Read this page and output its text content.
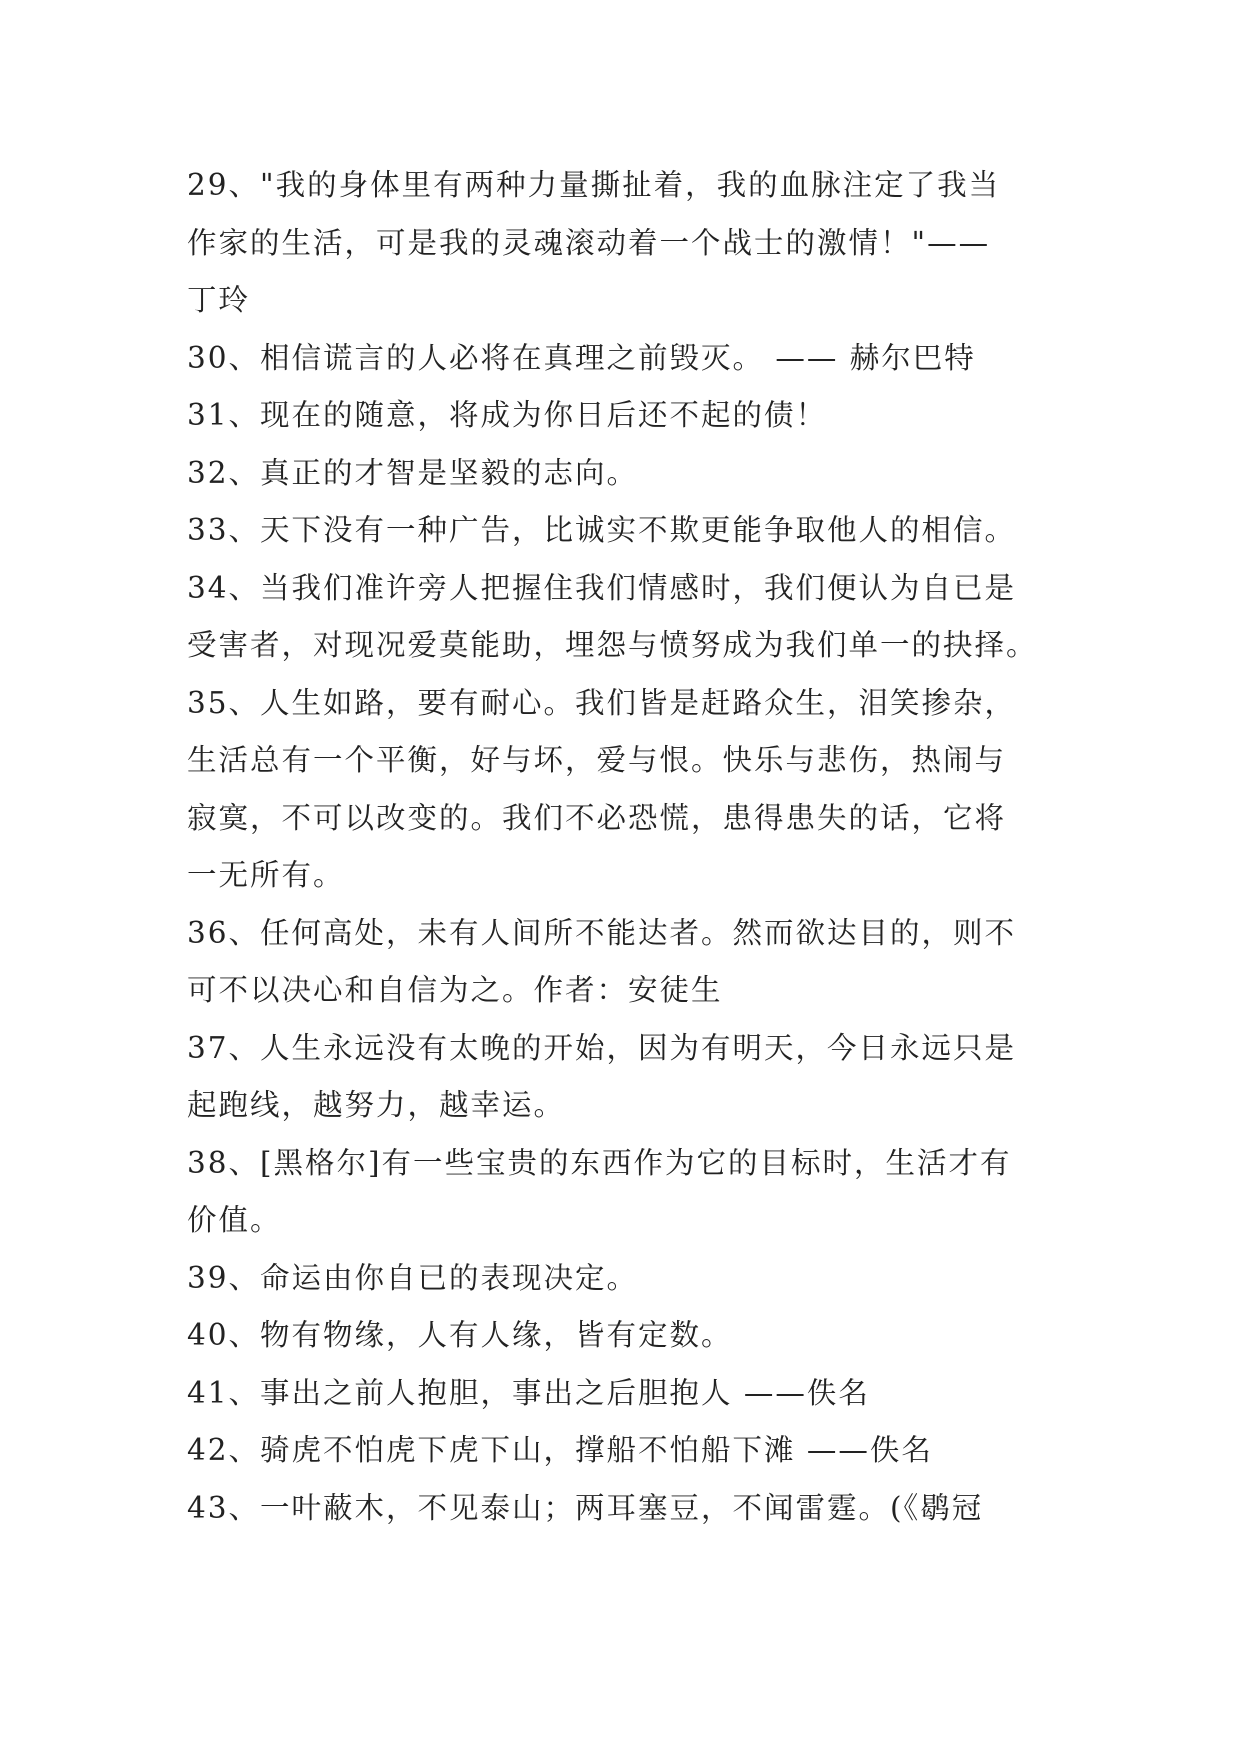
29、"我的身体里有两种力量撕扯着，我的血脉注定了我当
作家的生活，可是我的灵魂滚动着一个战士的激情！"——
丁玲
30、相信谎言的人必将在真理之前毁灭。 —— 赫尔巴特
31、现在的随意，将成为你日后还不起的债！
32、真正的才智是坚毅的志向。
33、天下没有一种广告，比诚实不欺更能争取他人的相信。
34、当我们准许旁人把握住我们情感时，我们便认为自已是
受害者，对现况爱莫能助，埋怨与愤努成为我们单一的抉择。
35、人生如路，要有耐心。我们皆是赶路众生，泪笑掺杂，
生活总有一个平衡，好与坏，爱与恨。快乐与悲伤，热闹与
寂寞，不可以改变的。我们不必恐慌，患得患失的话，它将
一无所有。
36、任何高处，未有人间所不能达者。然而欲达目的，则不
可不以决心和自信为之。作者：安徒生
37、人生永远没有太晚的开始，因为有明天，今日永远只是
起跑线，越努力，越幸运。
38、[黑格尔]有一些宝贵的东西作为它的目标时，生活才有
价值。
39、命运由你自已的表现决定。
40、物有物缘，人有人缘，皆有定数。
41、事出之前人抱胆，事出之后胆抱人 ——佚名
42、骑虎不怕虎下虎下山，撑船不怕船下滩 ——佚名
43、一叶蔽木，不见泰山；两耳塞豆，不闻雷霆。(《鹖冠
